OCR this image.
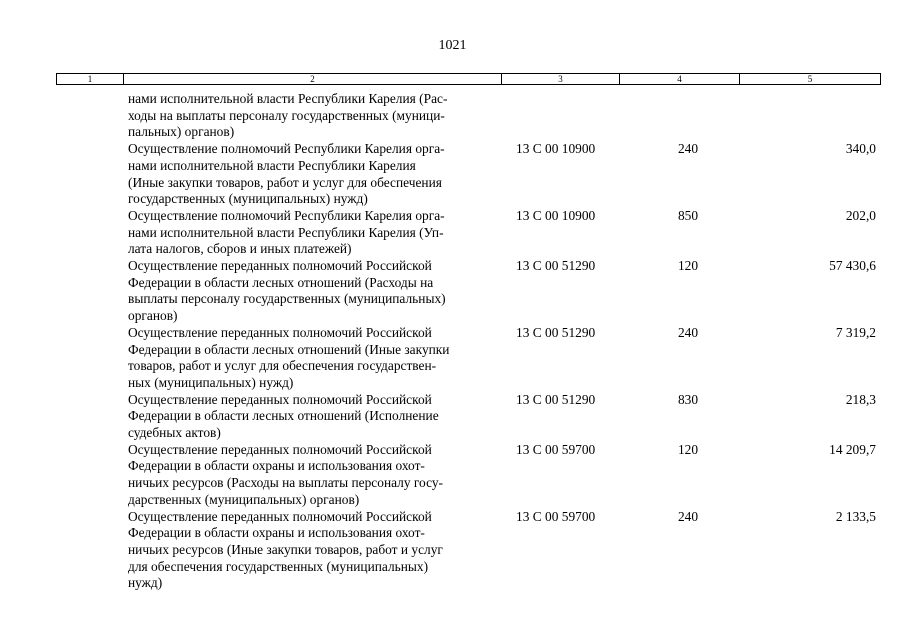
1021
1	2	3	4	5
нами исполнительной власти Республики Карелия (Рас-
ходы на выплаты персоналу государственных (муници-
пальных) органов)
Осуществление полномочий Республики Карелия орга-
нами исполнительной власти Республики Карелия
(Иные закупки товаров, работ и услуг для обеспечения
государственных (муниципальных) нужд)
13 С 00 10900	240	340,0
Осуществление полномочий Республики Карелия орга-
нами исполнительной власти Республики Карелия (Уп-
лата налогов, сборов и иных платежей)
13 С 00 10900	850	202,0
Осуществление переданных полномочий Российской
Федерации в области лесных отношений (Расходы на
выплаты персоналу государственных (муниципальных)
органов)
13 С 00 51290	120	57 430,6
Осуществление переданных полномочий Российской
Федерации в области лесных отношений (Иные закупки
товаров, работ и услуг для обеспечения государствен-
ных (муниципальных) нужд)
13 С 00 51290	240	7 319,2
Осуществление переданных полномочий Российской
Федерации в области лесных отношений (Исполнение
судебных актов)
13 С 00 51290	830	218,3
Осуществление переданных полномочий Российской
Федерации в области охраны и использования охот-
ничьих ресурсов (Расходы на выплаты персоналу госу-
дарственных (муниципальных) органов)
13 С 00 59700	120	14 209,7
Осуществление переданных полномочий Российской
Федерации в области охраны и использования охот-
ничьих ресурсов (Иные закупки товаров, работ и услуг
для обеспечения государственных (муниципальных)
нужд)
13 С 00 59700	240	2 133,5
